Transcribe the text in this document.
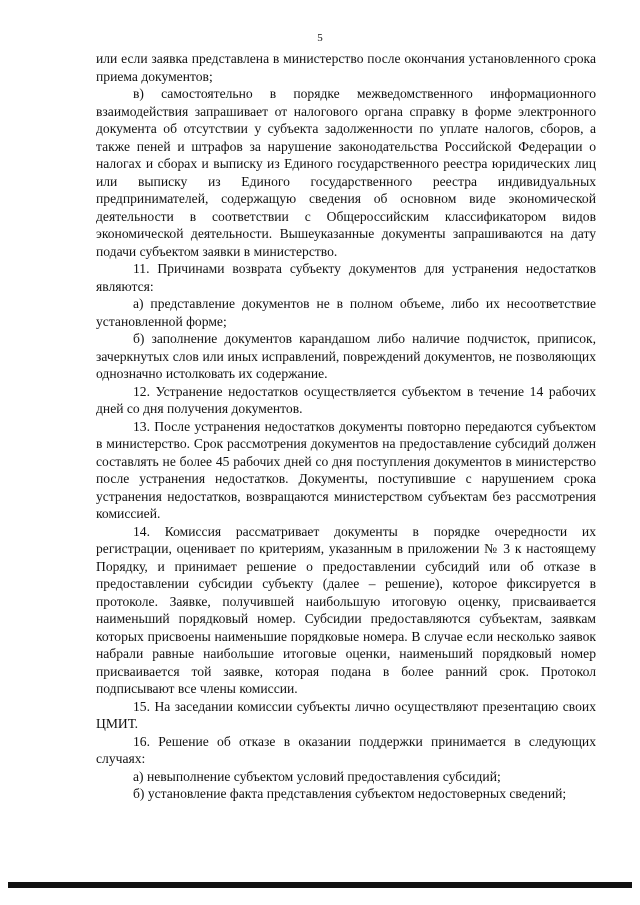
5

или если заявка представлена в министерство после окончания установленного срока приема документов;

в) самостоятельно в порядке межведомственного информационного взаимодействия запрашивает от налогового органа справку в форме электронного документа об отсутствии у субъекта задолженности по уплате налогов, сборов, а также пеней и штрафов за нарушение законодательства Российской Федерации о налогах и сборах и выписку из Единого государственного реестра юридических лиц или выписку из Единого государственного реестра индивидуальных предпринимателей, содержащую сведения об основном виде экономической деятельности в соответствии с Общероссийским классификатором видов экономической деятельности. Вышеуказанные документы запрашиваются на дату подачи субъектом заявки в министерство.

11. Причинами возврата субъекту документов для устранения недостатков являются:

а) представление документов не в полном объеме, либо их несоответствие установленной форме;

б) заполнение документов карандашом либо наличие подчисток, приписок, зачеркнутых слов или иных исправлений, повреждений документов, не позволяющих однозначно истолковать их содержание.

12. Устранение недостатков осуществляется субъектом в течение 14 рабочих дней со дня получения документов.

13. После устранения недостатков документы повторно передаются субъектом в министерство. Срок рассмотрения документов на предоставление субсидий должен составлять не более 45 рабочих дней со дня поступления документов в министерство после устранения недостатков. Документы, поступившие с нарушением срока устранения недостатков, возвращаются министерством субъектам без рассмотрения комиссией.

14. Комиссия рассматривает документы в порядке очередности их регистрации, оценивает по критериям, указанным в приложении № 3 к настоящему Порядку, и принимает решение о предоставлении субсидий или об отказе в предоставлении субсидии субъекту (далее – решение), которое фиксируется в протоколе. Заявке, получившей наибольшую итоговую оценку, присваивается наименьший порядковый номер. Субсидии предоставляются субъектам, заявкам которых присвоены наименьшие порядковые номера. В случае если несколько заявок набрали равные наибольшие итоговые оценки, наименьший порядковый номер присваивается той заявке, которая подана в более ранний срок. Протокол подписывают все члены комиссии.

15. На заседании комиссии субъекты лично осуществляют презентацию своих ЦМИТ.

16. Решение об отказе в оказании поддержки принимается в следующих случаях:

а) невыполнение субъектом условий предоставления субсидий;

б) установление факта представления субъектом недостоверных сведений;
